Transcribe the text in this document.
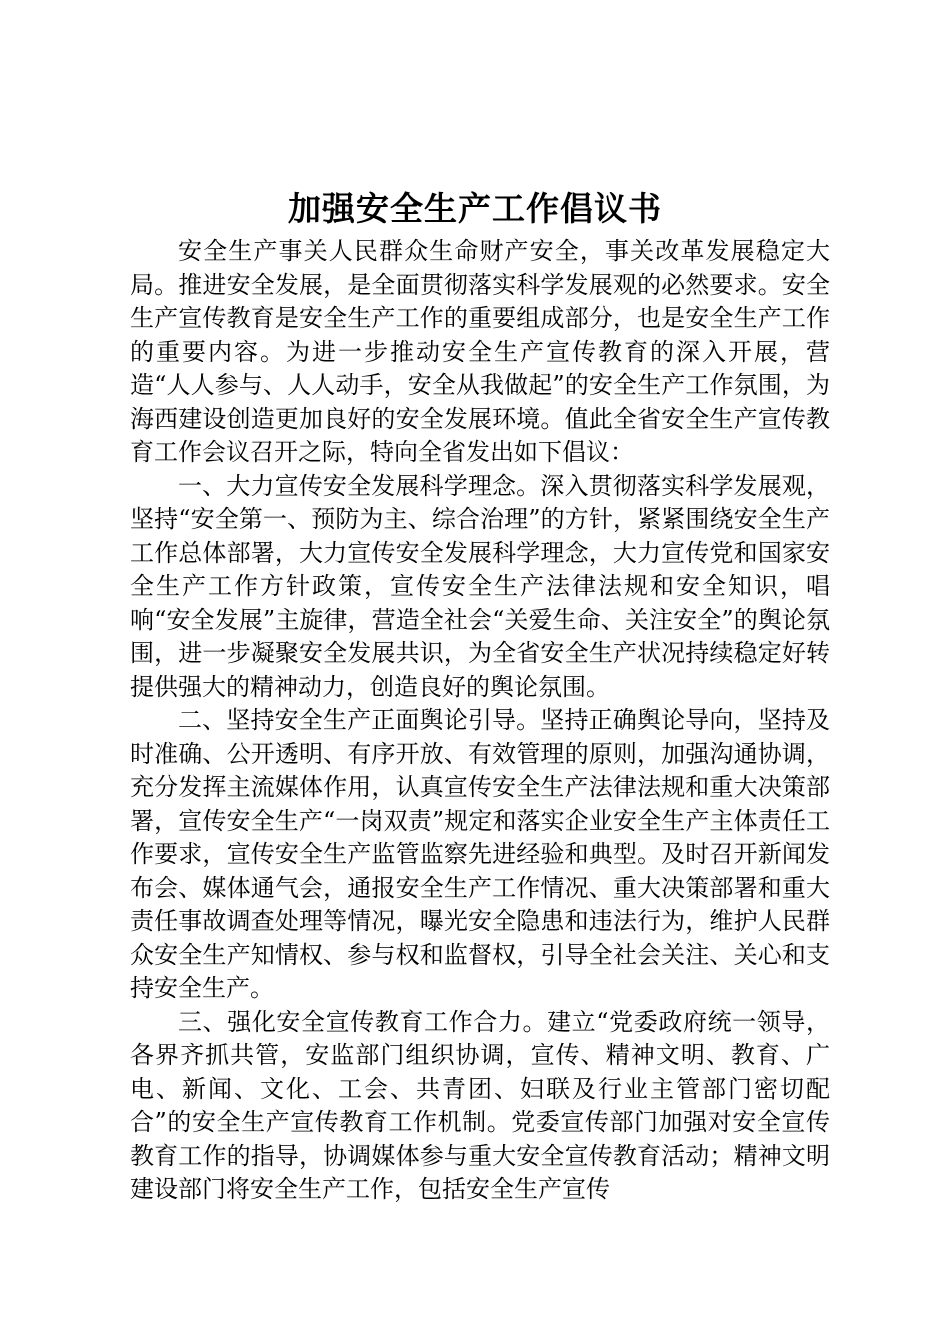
加强安全生产工作倡议书

安全生产事关人民群众生命财产安全，事关改革发展稳定大局。推进安全发展，是全面贯彻落实科学发展观的必然要求。安全生产宣传教育是安全生产工作的重要组成部分，也是安全生产工作的重要内容。为进一步推动安全生产宣传教育的深入开展，营造“人人参与、人人动手，安全从我做起”的安全生产工作氛围，为海西建设创造更加良好的安全发展环境。值此全省安全生产宣传教育工作会议召开之际，特向全省发出如下倡议：

一、大力宣传安全发展科学理念。深入贯彻落实科学发展观，坚持“安全第一、预防为主、综合治理”的方针，紧紧围绕安全生产工作总体部署，大力宣传安全发展科学理念，大力宣传党和国家安全生产工作方针政策，宣传安全生产法律法规和安全知识，唱响“安全发展”主旋律，营造全社会“关爱生命、关注安全”的舆论氛围，进一步凝聚安全发展共识，为全省安全生产状况持续稳定好转提供强大的精神动力，创造良好的舆论氛围。

二、坚持安全生产正面舆论引导。坚持正确舆论导向，坚持及时准确、公开透明、有序开放、有效管理的原则，加强沟通协调，充分发挥主流媒体作用，认真宣传安全生产法律法规和重大决策部署，宣传安全生产“一岗双责”规定和落实企业安全生产主体责任工作要求，宣传安全生产监管监察先进经验和典型。及时召开新闻发布会、媒体通气会，通报安全生产工作情况、重大决策部署和重大责任事故调查处理等情况，曝光安全隐患和违法行为，维护人民群众安全生产知情权、参与权和监督权，引导全社会关注、关心和支持安全生产。

三、强化安全宣传教育工作合力。建立“党委政府统一领导，各界齐抓共管，安监部门组织协调，宣传、精神文明、教育、广电、新闻、文化、工会、共青团、妇联及行业主管部门密切配合”的安全生产宣传教育工作机制。党委宣传部门加强对安全宣传教育工作的指导，协调媒体参与重大安全宣传教育活动；精神文明建设部门将安全生产工作，包括安全生产宣传
